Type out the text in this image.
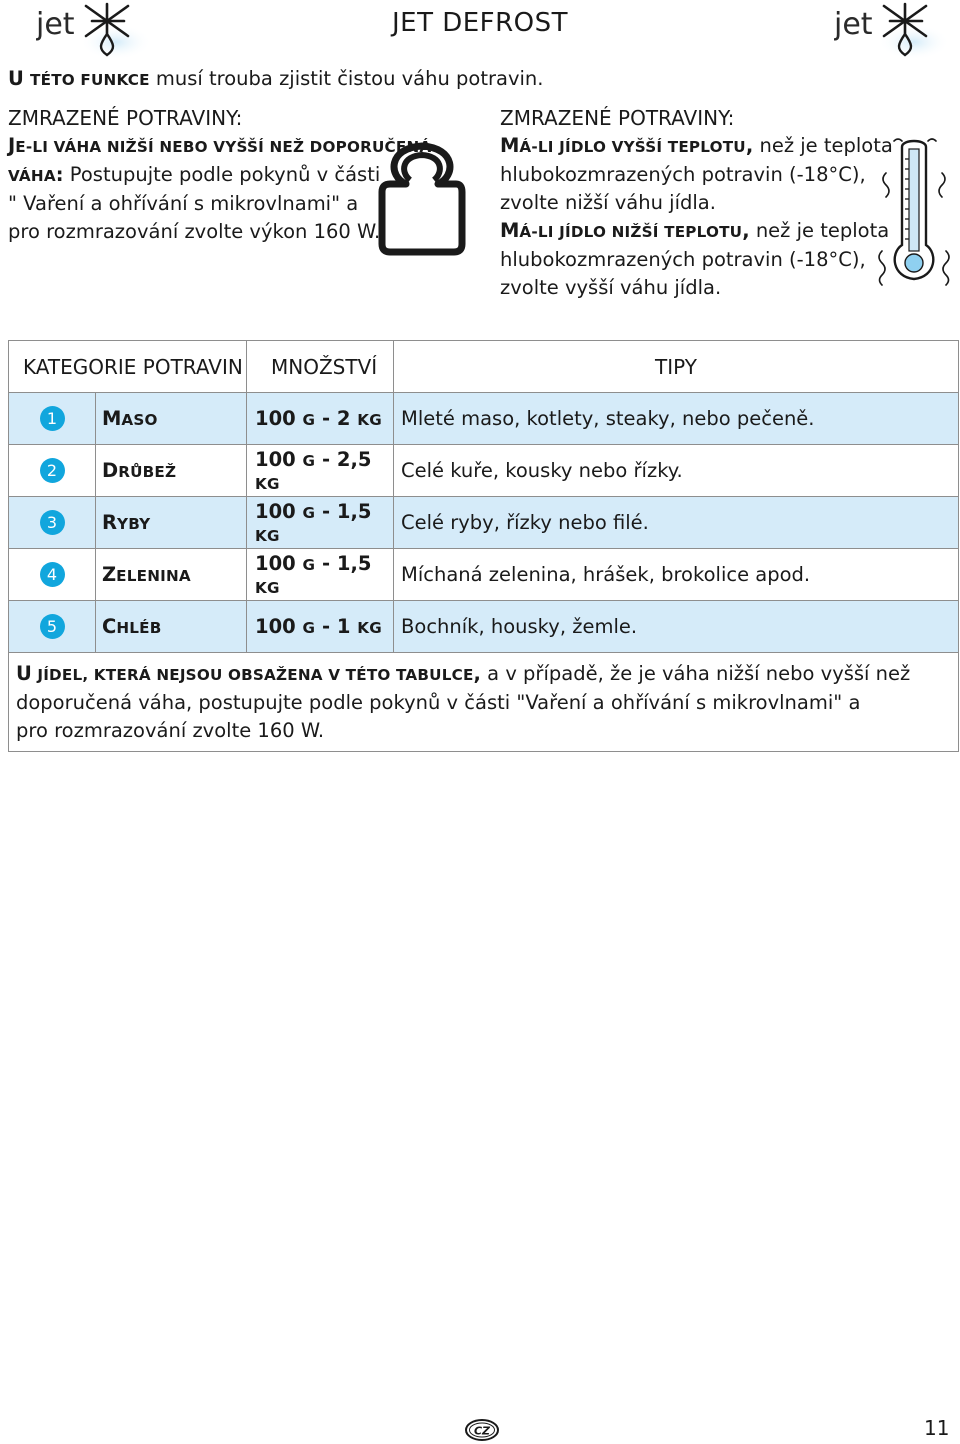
jet	jet
JET DEFROST
U TÉTO FUNKCE musí trouba zjistit čistou váhu potravin.
ZMRAZENÉ POTRAVINY:
JE-LI VÁHA NIŽŠÍ NEBO VYŠŠÍ NEŽ DOPORUČENÁ
VÁHA: Postupujte podle pokynů v části
" Vaření a ohřívání s mikrovlnami" a
pro rozmrazování zvolte výkon 160 W.
ZMRAZENÉ POTRAVINY:
MÁ-LI JÍDLO VYŠŠÍ TEPLOTU, než je teplota
hlubokozmrazených potravin (-18°C),
zvolte nižší váhu jídla.
MÁ-LI JÍDLO NIŽŠÍ TEPLOTU, než je teplota
hlubokozmrazených potravin (-18°C),
zvolte vyšší váhu jídla.
KATEGORIE POTRAVIN		MNOŽSTVÍ	TIPY
1	MASO	100 G - 2 KG	Mleté maso, kotlety, steaky, nebo pečeně.
2	DRŮBEŽ	100 G - 2,5 KG	Celé kuře, kousky nebo řízky.
3	RYBY	100 G - 1,5 KG	Celé ryby, řízky nebo filé.
4	ZELENINA	100 G - 1,5 KG	Míchaná zelenina, hrášek, brokolice apod.
5	CHLÉB	100 G - 1 KG	Bochník, housky, žemle.

U JÍDEL, KTERÁ NEJSOU OBSAŽENA V TÉTO TABULCE, a v případě, že je váha nižší nebo vyšší než
doporučená váha, postupujte podle pokynů v části "Vaření a ohřívání s mikrovlnami" a
pro rozmrazování zvolte 160 W.			
CZ	11
